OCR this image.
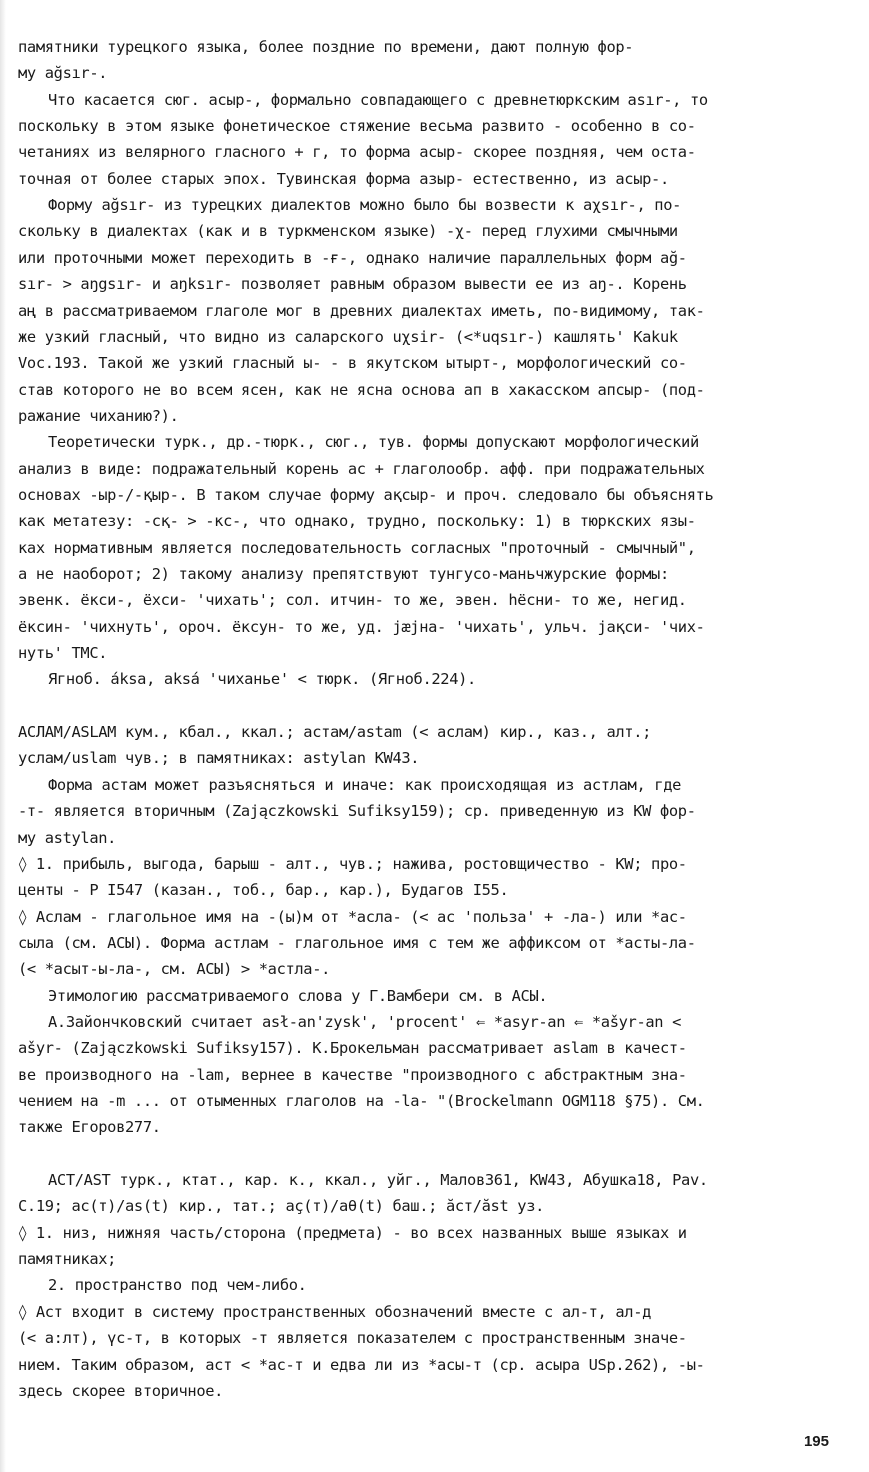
памятники турецкого языка, более поздние по времени, дают полную фор-
му ağsır-.
Что касается сюг. асыр-, формально совпадающего с древнетюркским asır-, то
поскольку в этом языке фонетическое стяжение весьма развито - особенно в со-
четаниях из велярного гласного + г, то форма асыр- скорее поздняя, чем оста-
точная от более старых эпох. Тувинская форма азыр- естественно, из асыр-.
Форму ağsır- из турецких диалектов можно было бы возвести к aχsır-, по-
скольку в диалектах (как и в туркменском языке) -χ- перед глухими смычными
или проточными может переходить в -ғ-, однако наличие параллельных форм ağ-
sır- > aŋgsır- и aŋksır- позволяет равным образом вывести ее из aŋ-. Корень
аң в рассматриваемом глаголе мог в древних диалектах иметь, по-видимому, так-
же узкий гласный, что видно из саларского uχsir- (<*uqsır-) кашлять' Kakuk
Voc.193. Такой же узкий гласный ы- - в якутском ытырт-, морфологический со-
став которого не во всем ясен, как не ясна основа ап в хакасском апсыр- (под-
ражание чиханию?).
Теоретически турк., др.-тюрк., сюг., тув. формы допускают морфологический
анализ в виде: подражательный корень ас + глаголообр. афф. при подражательных
основах -ыр-/-қыр-. В таком случае форму ақсыр- и проч. следовало бы объяснять
как метатезу: -сқ- > -кс-, что однако, трудно, поскольку: 1) в тюркских язы-
ках нормативным является последовательность согласных "проточный - смычный",
а не наоборот; 2) такому анализу препятствуют тунгусо-маньчжурские формы:
эвенк. ёкси-, ёхси- 'чихать'; сол. итчин- то же, эвен. һёсни- то же, негид.
ёксин- 'чихнуть', ороч. ёксун- то же, уд. jæjна- 'чихать', ульч. jақси- 'чих-
нуть' ТМС.
Ягноб. áksa, aksá 'чиханье' < тюрк. (Ягноб.224).
АСЛАМ/ASLAM кум., кбал., ккал.; астам/astam (< аслам) кир., каз., алт.;
услам/uslam чув.; в памятниках: astylan KW43.
Форма астам может разъясняться и иначе: как происходящая из астлам, где
-т- является вторичным (Zajączkowski Sufiksy159); ср. приведенную из KW фор-
му astylan.
◊ 1. прибыль, выгода, барыш - алт., чув.; нажива, ростовщичество - KW; про-
центы - Р I547 (казан., тоб., бар., кар.), Будагов I55.
◊ Аслам - глагольное имя на -(ы)м от *асла- (< ас 'польза' + -ла-) или *ас-
сыла (см. АСЫ). Форма астлам - глагольное имя с тем же аффиксом от *асты-ла-
(< *асыт-ы-ла-, см. АСЫ) > *астла-.
Этимологию рассматриваемого слова у Г.Вамбери см. в АСЫ.
А.Зайончковский считает asł-an'zysk', 'procent' ⇐ *asyr-an ⇐ *ašyr-an <
ašyr- (Zajączkowski Sufiksy157). К.Брокельман рассматривает aslam в качест-
ве производного на -lam, вернее в качестве "производного с абстрактным зна-
чением на -m ... от отыменных глаголов на -la- "(Brockelmann OGM118 §75). См.
также Егоров277.
АСТ/AST турк., ктат., кар. к., ккал., уйг., Малов361, KW43, Абушка18, Pav.
С.19; ас(т)/as(t) кир., тат.; аҫ(т)/aθ(t) баш.; ăст/ăst уз.
◊ 1. низ, нижняя часть/сторона (предмета) - во всех названных выше языках и
памятниках;
2. пространство под чем-либо.
◊ Аст входит в систему пространственных обозначений вместе с ал-т, ал-д
(< а:лт), үс-т, в которых -т является показателем с пространственным значе-
нием. Таким образом, аст < *ас-т и едва ли из *асы-т (ср. асыра USp.262), -ы-
здесь скорее вторичное.
195
